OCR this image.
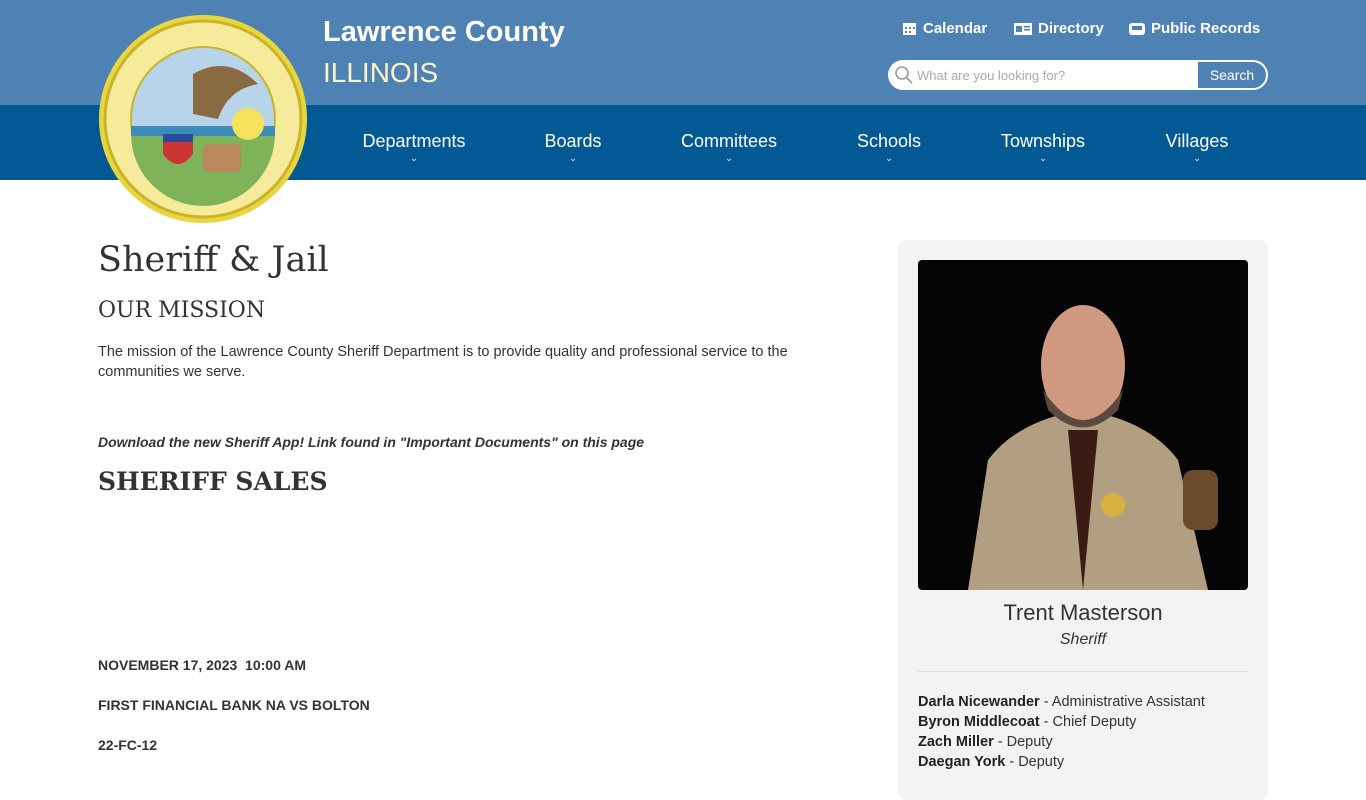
Lawrence County
ILLINOIS
Calendar	Directory	Public Records
What are you looking for?
Search
Departments
⌄
Boards
⌄
Committees
⌄
Schools
⌄
Townships
⌄
Villages
⌄
Sheriff & Jail
OUR MISSION
The mission of the Lawrence County Sheriff Department is to provide quality and professional service to the communities we serve.
Download the new Sheriff App! Link found in "Important Documents" on this page
SHERIFF SALES
NOVEMBER 17, 2023  10:00 AM
FIRST FINANCIAL BANK NA VS BOLTON
22-FC-12
Trent Masterson
Sheriff
Darla Nicewander - Administrative Assistant
Byron Middlecoat - Chief Deputy
Zach Miller - Deputy
Daegan York - Deputy
